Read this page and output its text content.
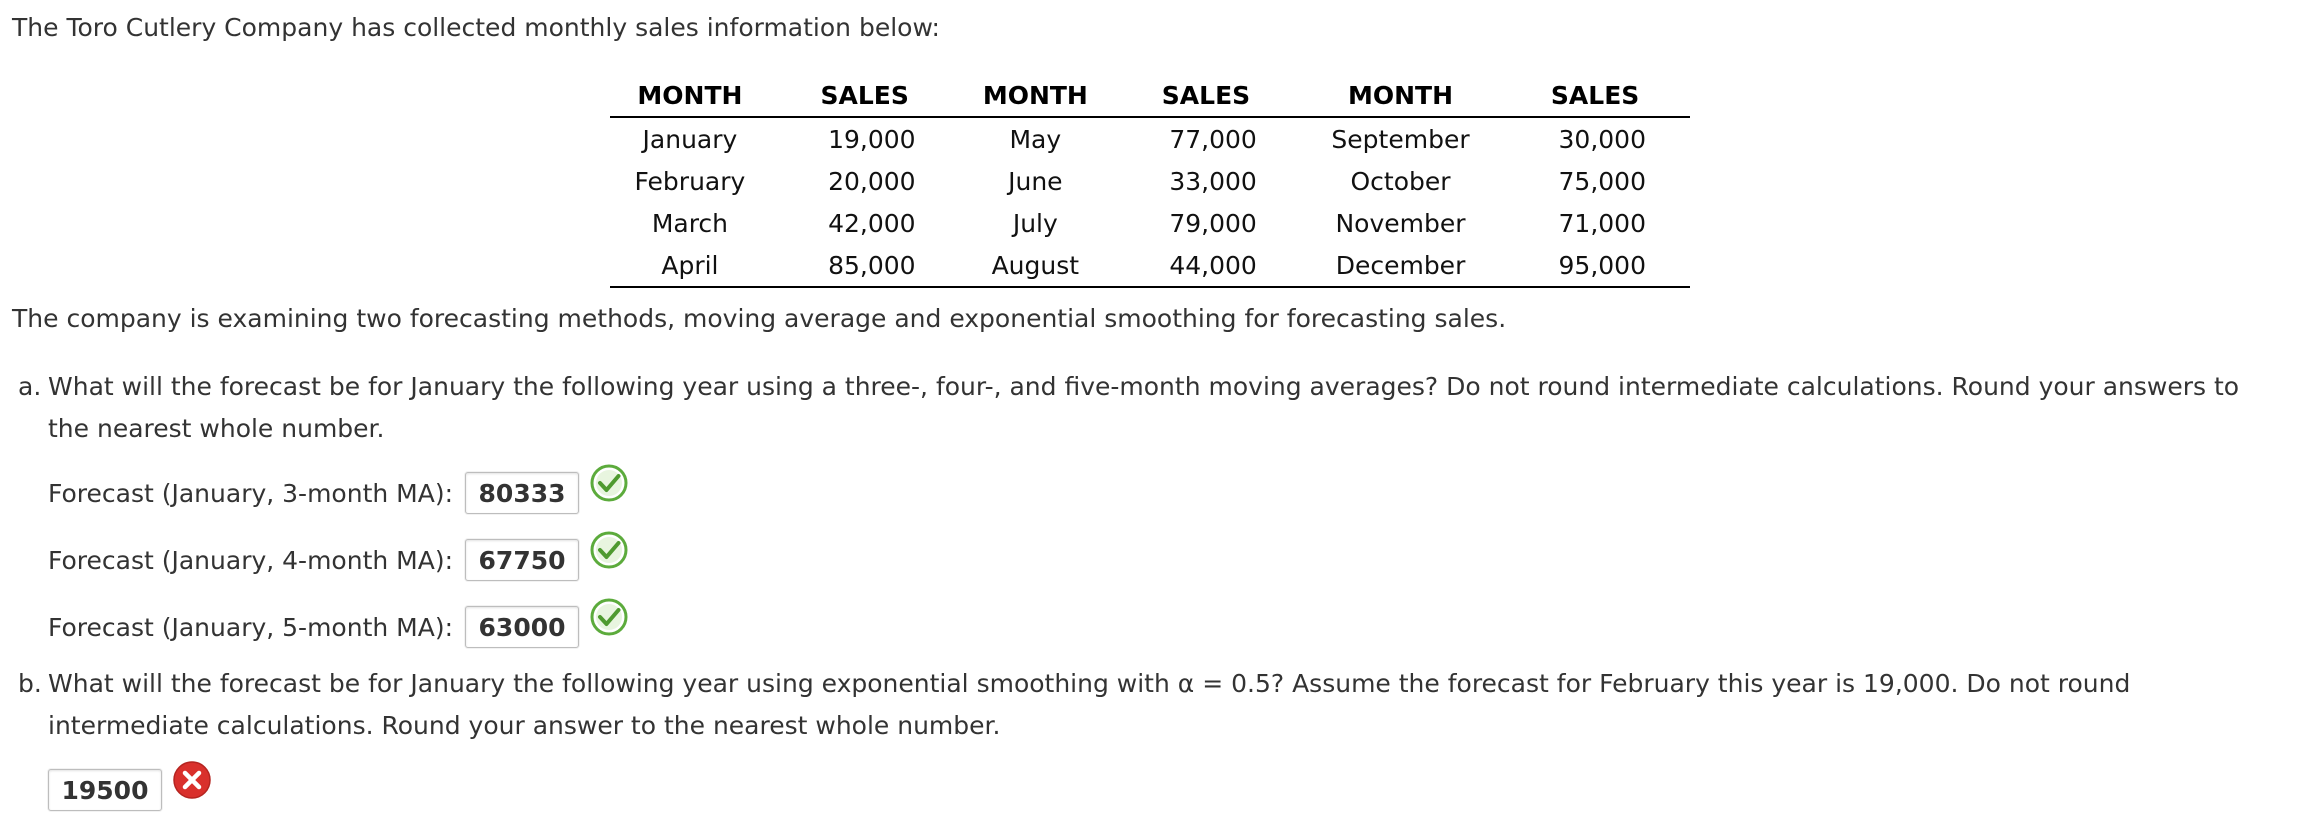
The Toro Cutlery Company has collected monthly sales information below:
MONTH	SALES	MONTH	SALES	MONTH	SALES
January	19,000	May	77,000	September	30,000
February	20,000	June	33,000	October	75,000
March	42,000	July	79,000	November	71,000
April	85,000	August	44,000	December	95,000
The company is examining two forecasting methods, moving average and exponential smoothing for forecasting sales.
a. What will the forecast be for January the following year using a three-, four-, and five-month moving averages? Do not round intermediate calculations. Round your answers to the nearest whole number.
Forecast (January, 3-month MA):	80333
Forecast (January, 4-month MA):	67750
Forecast (January, 5-month MA):	63000
b. What will the forecast be for January the following year using exponential smoothing with α = 0.5? Assume the forecast for February this year is 19,000. Do not round intermediate calculations. Round your answer to the nearest whole number.
19500
